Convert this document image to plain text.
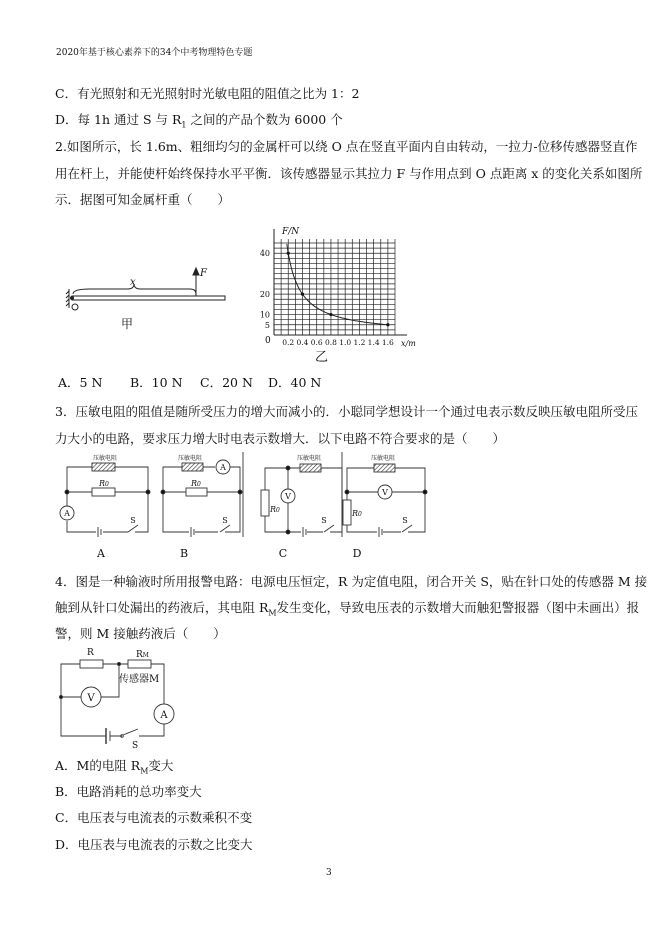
2020年基于核心素养下的34个中考物理特色专题
C．有光照射和无光照射时光敏电阻的阻值之比为 1：2
D．每 1h 通过 S 与 $R_1$ 之间的产品个数为 6000 个
2.如图所示，长 1.6m、粗细均匀的金属杆可以绕 O 点在竖直平面内自由转动，一拉力-位移传感器竖直作
用在杆上，并能使杆始终保持水平平衡．该传感器显示其拉力 F 与作用点到 O 点距离 x 的变化关系如图所
示．据图可知金属杆重（　　）
A．5 N B．10 N C．20 N D．40 N
3．压敏电阻的阻值是随所受压力的增大而减小的．小聪同学想设计一个通过电表示数反映压敏电阻所受压
力大小的电路，要求压力增大时电表示数增大．以下电路不符合要求的是（　　）
4．图是一种输液时所用报警电路：电源电压恒定，R 为定值电阻，闭合开关 S，贴在针口处的传感器 M 接
触到从针口处漏出的药液后，其电阻 $R_M$发生变化，导致电压表的示数增大而触犯警报器（图中未画出）报
警，则 M 接触药液后（　　）
A．M的电阻 $R_M$变大
B．电路消耗的总功率变大
C．电压表与电流表的示数乘积不变
D．电压表与电流表的示数之比变大
3
x
F
甲
0.2 0.4 0.6 0.8 1.0 1.2 1.4 1.6
40
20
10
5
F/N
x/m
0
乙
压敏电阻	压敏电阻	压敏电阻	压敏电阻
R0	R0
R0	R0
A
A
V	V
S	S	S	S
A	B	C	D
R	RM
传感器M
V
A
S
